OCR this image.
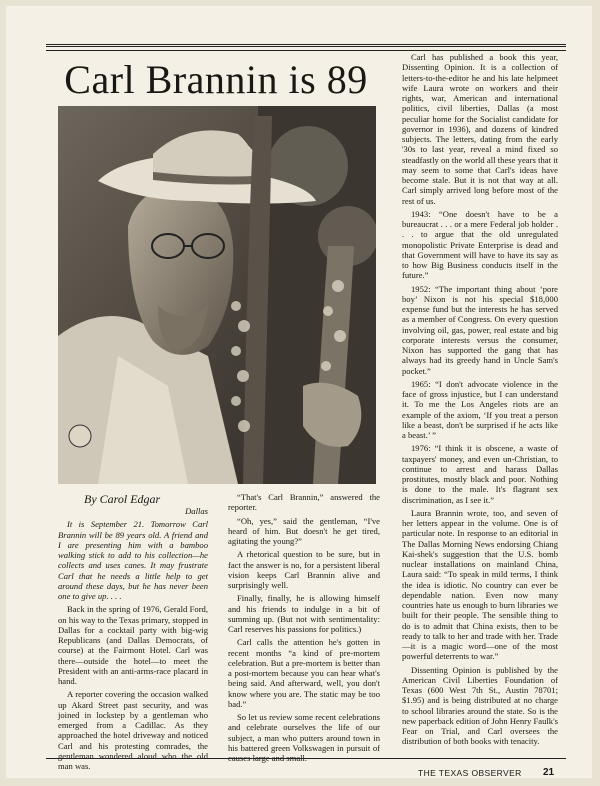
Carl Brannin is 89

By Carol Edgar

Dallas

It is September 21. Tomorrow Carl Brannin will be 89 years old. A friend and I are presenting him with a bamboo walking stick to add to his collection—he collects and uses canes. It may frustrate Carl that he needs a little help to get around these days, but he has never been one to give up. . . .

Back in the spring of 1976, Gerald Ford, on his way to the Texas primary, stopped in Dallas for a cocktail party with big-wig Republicans (and Dallas Democrats, of course) at the Fairmont Hotel. Carl was there—outside the hotel—to meet the President with an anti-arms-race placard in hand.

A reporter covering the occasion walked up Akard Street past security, and was joined in lockstep by a gentleman who emerged from a Cadillac. As they approached the hotel driveway and noticed Carl and his protesting comrades, the gentleman wondered aloud who the old man was.

“That's Carl Brannin,” answered the reporter.

“Oh, yes,” said the gentleman, “I've heard of him. But doesn't he get tired, agitating the young?”

A rhetorical question to be sure, but in fact the answer is no, for a persistent liberal vision keeps Carl Brannin alive and surprisingly well.

Finally, finally, he is allowing himself and his friends to indulge in a bit of summing up. (But not with sentimentality: Carl reserves his passions for politics.)

Carl calls the attention he's gotten in recent months “a kind of pre-mortem celebration. But a pre-mortem is better than a post-mortem because you can hear what's being said. And afterward, well, you don't know where you are. The static may be too bad.”

So let us review some recent celebrations and celebrate ourselves the life of our subject, a man who putters around town in his battered green Volkswagen in pursuit of causes large and small.

Carl has published a book this year, Dissenting Opinion. It is a collection of letters-to-the-editor he and his late helpmeet wife Laura wrote on workers and their rights, war, American and international politics, civil liberties, Dallas (a most peculiar home for the Socialist candidate for governor in 1936), and dozens of kindred subjects. The letters, dating from the early '30s to last year, reveal a mind fixed so steadfastly on the world all these years that it may seem to some that Carl's ideas have become stale. But it is not that way at all. Carl simply arrived long before most of the rest of us.

1943: “One doesn't have to be a bureaucrat . . . or a mere Federal job holder . . . to argue that the old unregulated monopolistic Private Enterprise is dead and that Government will have to have its say as to how Big Business conducts itself in the future.”

1952: “The important thing about ‘pore boy’ Nixon is not his special $18,000 expense fund but the interests he has served as a member of Congress. On every question involving oil, gas, power, real estate and big corporate interests versus the consumer, Nixon has supported the gang that has always had its greedy hand in Uncle Sam's pocket.”

1965: “I don't advocate violence in the face of gross injustice, but I can understand it. To me the Los Angeles riots are an example of the axiom, ‘If you treat a person like a beast, don't be surprised if he acts like a beast.’ ”

1976: “I think it is obscene, a waste of taxpayers' money, and even un-Christian, to continue to arrest and harass Dallas prostitutes, mostly black and poor. Nothing is done to the male. It's flagrant sex discrimination, as I see it.”

Laura Brannin wrote, too, and seven of her letters appear in the volume. One is of particular note. In response to an editorial in The Dallas Morning News endorsing Chiang Kai-shek's suggestion that the U.S. bomb nuclear installations on mainland China, Laura said: “To speak in mild terms, I think the idea is idiotic. No country can ever be dependable nation. Even now many countries hate us enough to burn libraries we built for their people. The sensible thing to do is to admit that China exists, then to be ready to talk to her and trade with her. Trade—it is a magic word—one of the most powerful deterrents to war.”

Dissenting Opinion is published by the American Civil Liberties Foundation of Texas (600 West 7th St., Austin 78701; $1.95) and is being distributed at no charge to school libraries around the state. So is the new paperback edition of John Henry Faulk's Fear on Trial, and Carl oversees the distribution of both books with tenacity.

THE TEXAS OBSERVER 21
